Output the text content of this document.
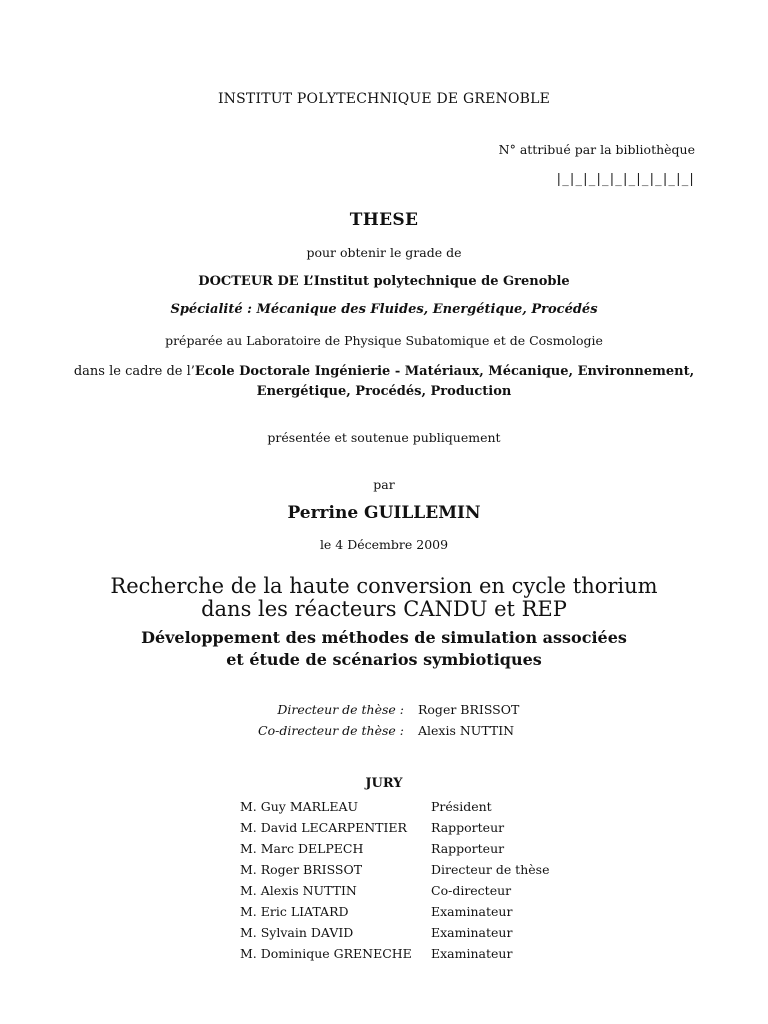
INSTITUT POLYTECHNIQUE DE GRENOBLE
N° attribué par la bibliothèque
|_|_|_|_|_|_|_|_|_|_|
THESE
pour obtenir le grade de
DOCTEUR DE L’Institut polytechnique de Grenoble
Spécialité : Mécanique des Fluides, Energétique, Procédés
préparée au Laboratoire de Physique Subatomique et de Cosmologie
dans le cadre de l’Ecole Doctorale Ingénierie - Matériaux, Mécanique, Environnement,
Energétique, Procédés, Production
présentée et soutenue publiquement
par
Perrine GUILLEMIN
le 4 Décembre 2009
Recherche de la haute conversion en cycle thorium
dans les réacteurs CANDU et REP
Développement des méthodes de simulation associées
et étude de scénarios symbiotiques
Directeur de thèse : Roger BRISSOT
Co-directeur de thèse : Alexis NUTTIN
JURY
M. Guy MARLEAU	Président
M. David LECARPENTIER	Rapporteur
M. Marc DELPECH	Rapporteur
M. Roger BRISSOT	Directeur de thèse
M. Alexis NUTTIN	Co-directeur
M. Eric LIATARD	Examinateur
M. Sylvain DAVID	Examinateur
M. Dominique GRENECHE	Examinateur
